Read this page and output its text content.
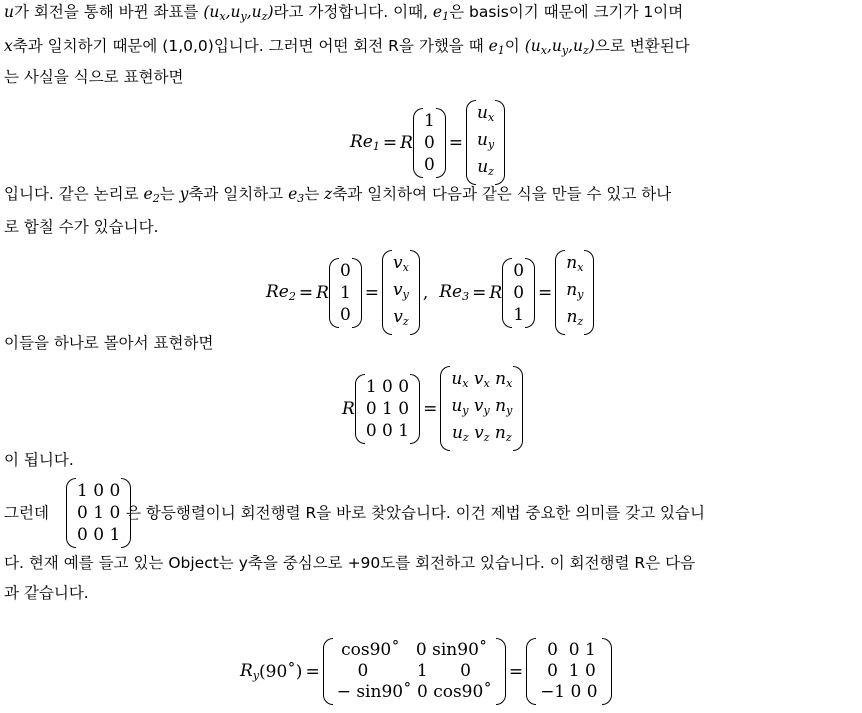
u가 회전을 통해 바뀐 좌표를 $(u_x,u_y,u_z)$라고 가정합니다. 이때, $e_1$은 basis이기 때문에 크기가 1이며
x축과 일치하기 때문에 (1,0,0)입니다. 그러면 어떤 회전 R을 가했을 때 $e_1$이 $(u_x,u_y,u_z)$으로 변환된다
는 사실을 식으로 표현하면
$Re_1 = R$
1
0
0
=
$u_x$
$u_y$
$u_z$
입니다. 같은 논리로 $e_2$는 y축과 일치하고 $e_3$는 z축과 일치하여 다음과 같은 식을 만들 수 있고 하나
로 합칠 수가 있습니다.
$Re_2 = R$
0
1
0
=
$v_x$
$v_y$
$v_z$
, $Re_3 = R$
0
0
1
=
$n_x$
$n_y$
$n_z$
이들을 하나로 몰아서 표현하면
R
1 0 0
0 1 0
0 0 1
=
$u_x$ $v_x$ $n_x$
$u_y$ $v_y$ $n_y$
$u_z$ $v_z$ $n_z$
이 됩니다.
그런데
1 0 0
0 1 0
0 0 1
은 항등행렬이니 회전행렬 R을 바로 찾았습니다. 이건 제법 중요한 의미를 갖고 있습니
다. 현재 예를 들고 있는 Object는 y축을 중심으로 +90도를 회전하고 있습니다. 이 회전행렬 R은 다음
과 같습니다.
$R_y$ (90˚) =
cos90˚   0 sin90˚
0         1      0
− sin90˚ 0 cos90˚
=
0  0 1
0  1 0
−1 0 0
